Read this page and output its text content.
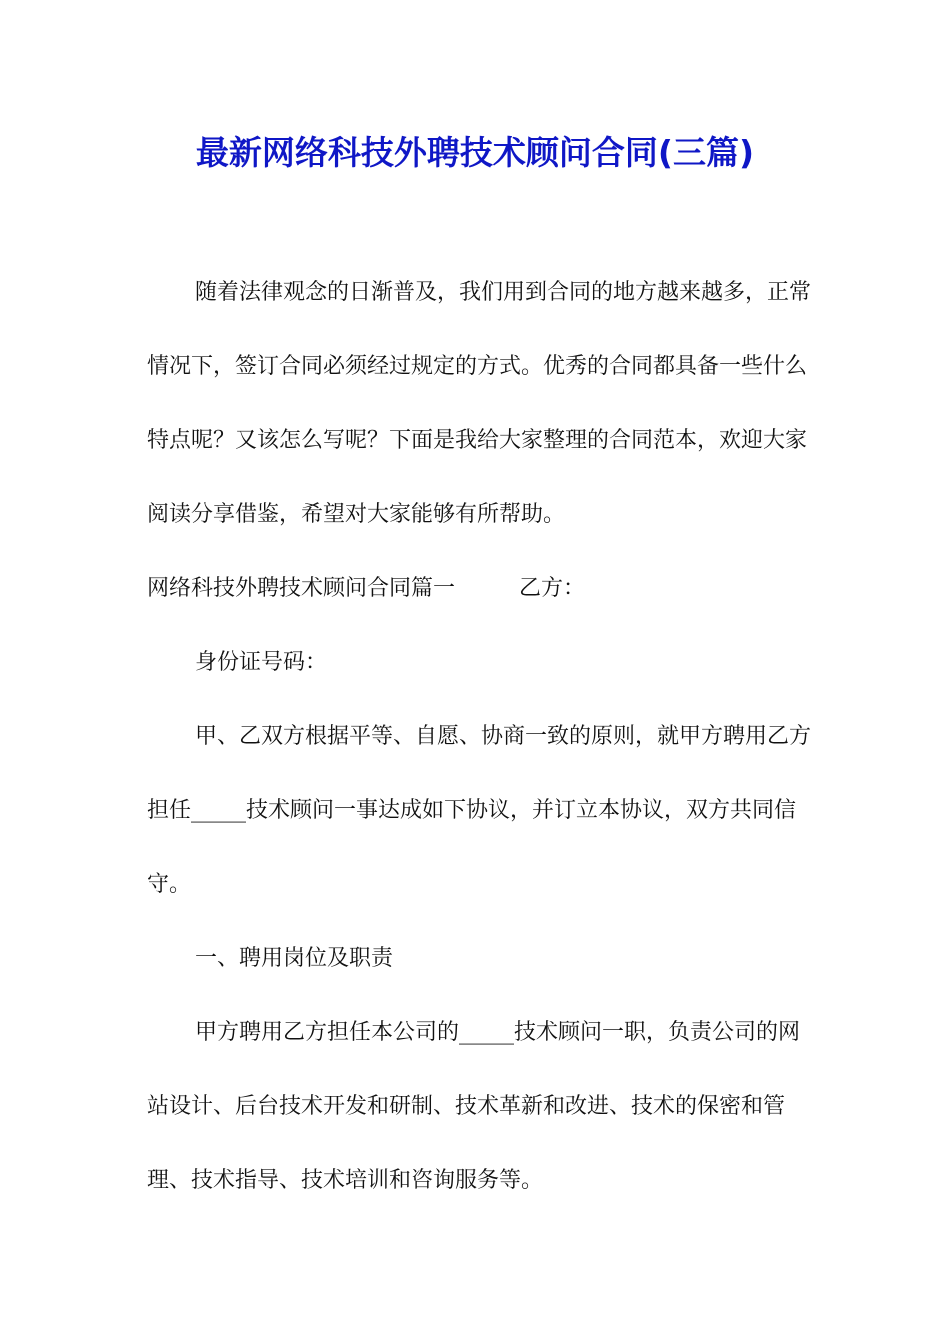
最新网络科技外聘技术顾问合同(三篇)

随着法律观念的日渐普及，我们用到合同的地方越来越多，正常情况下，签订合同必须经过规定的方式。优秀的合同都具备一些什么特点呢？又该怎么写呢？下面是我给大家整理的合同范本，欢迎大家阅读分享借鉴，希望对大家能够有所帮助。

网络科技外聘技术顾问合同篇一	乙方：

身份证号码：

甲、乙双方根据平等、自愿、协商一致的原则，就甲方聘用乙方担任_____技术顾问一事达成如下协议，并订立本协议，双方共同信守。

一、聘用岗位及职责

甲方聘用乙方担任本公司的_____技术顾问一职，负责公司的网站设计、后台技术开发和研制、技术革新和改进、技术的保密和管理、技术指导、技术培训和咨询服务等。
